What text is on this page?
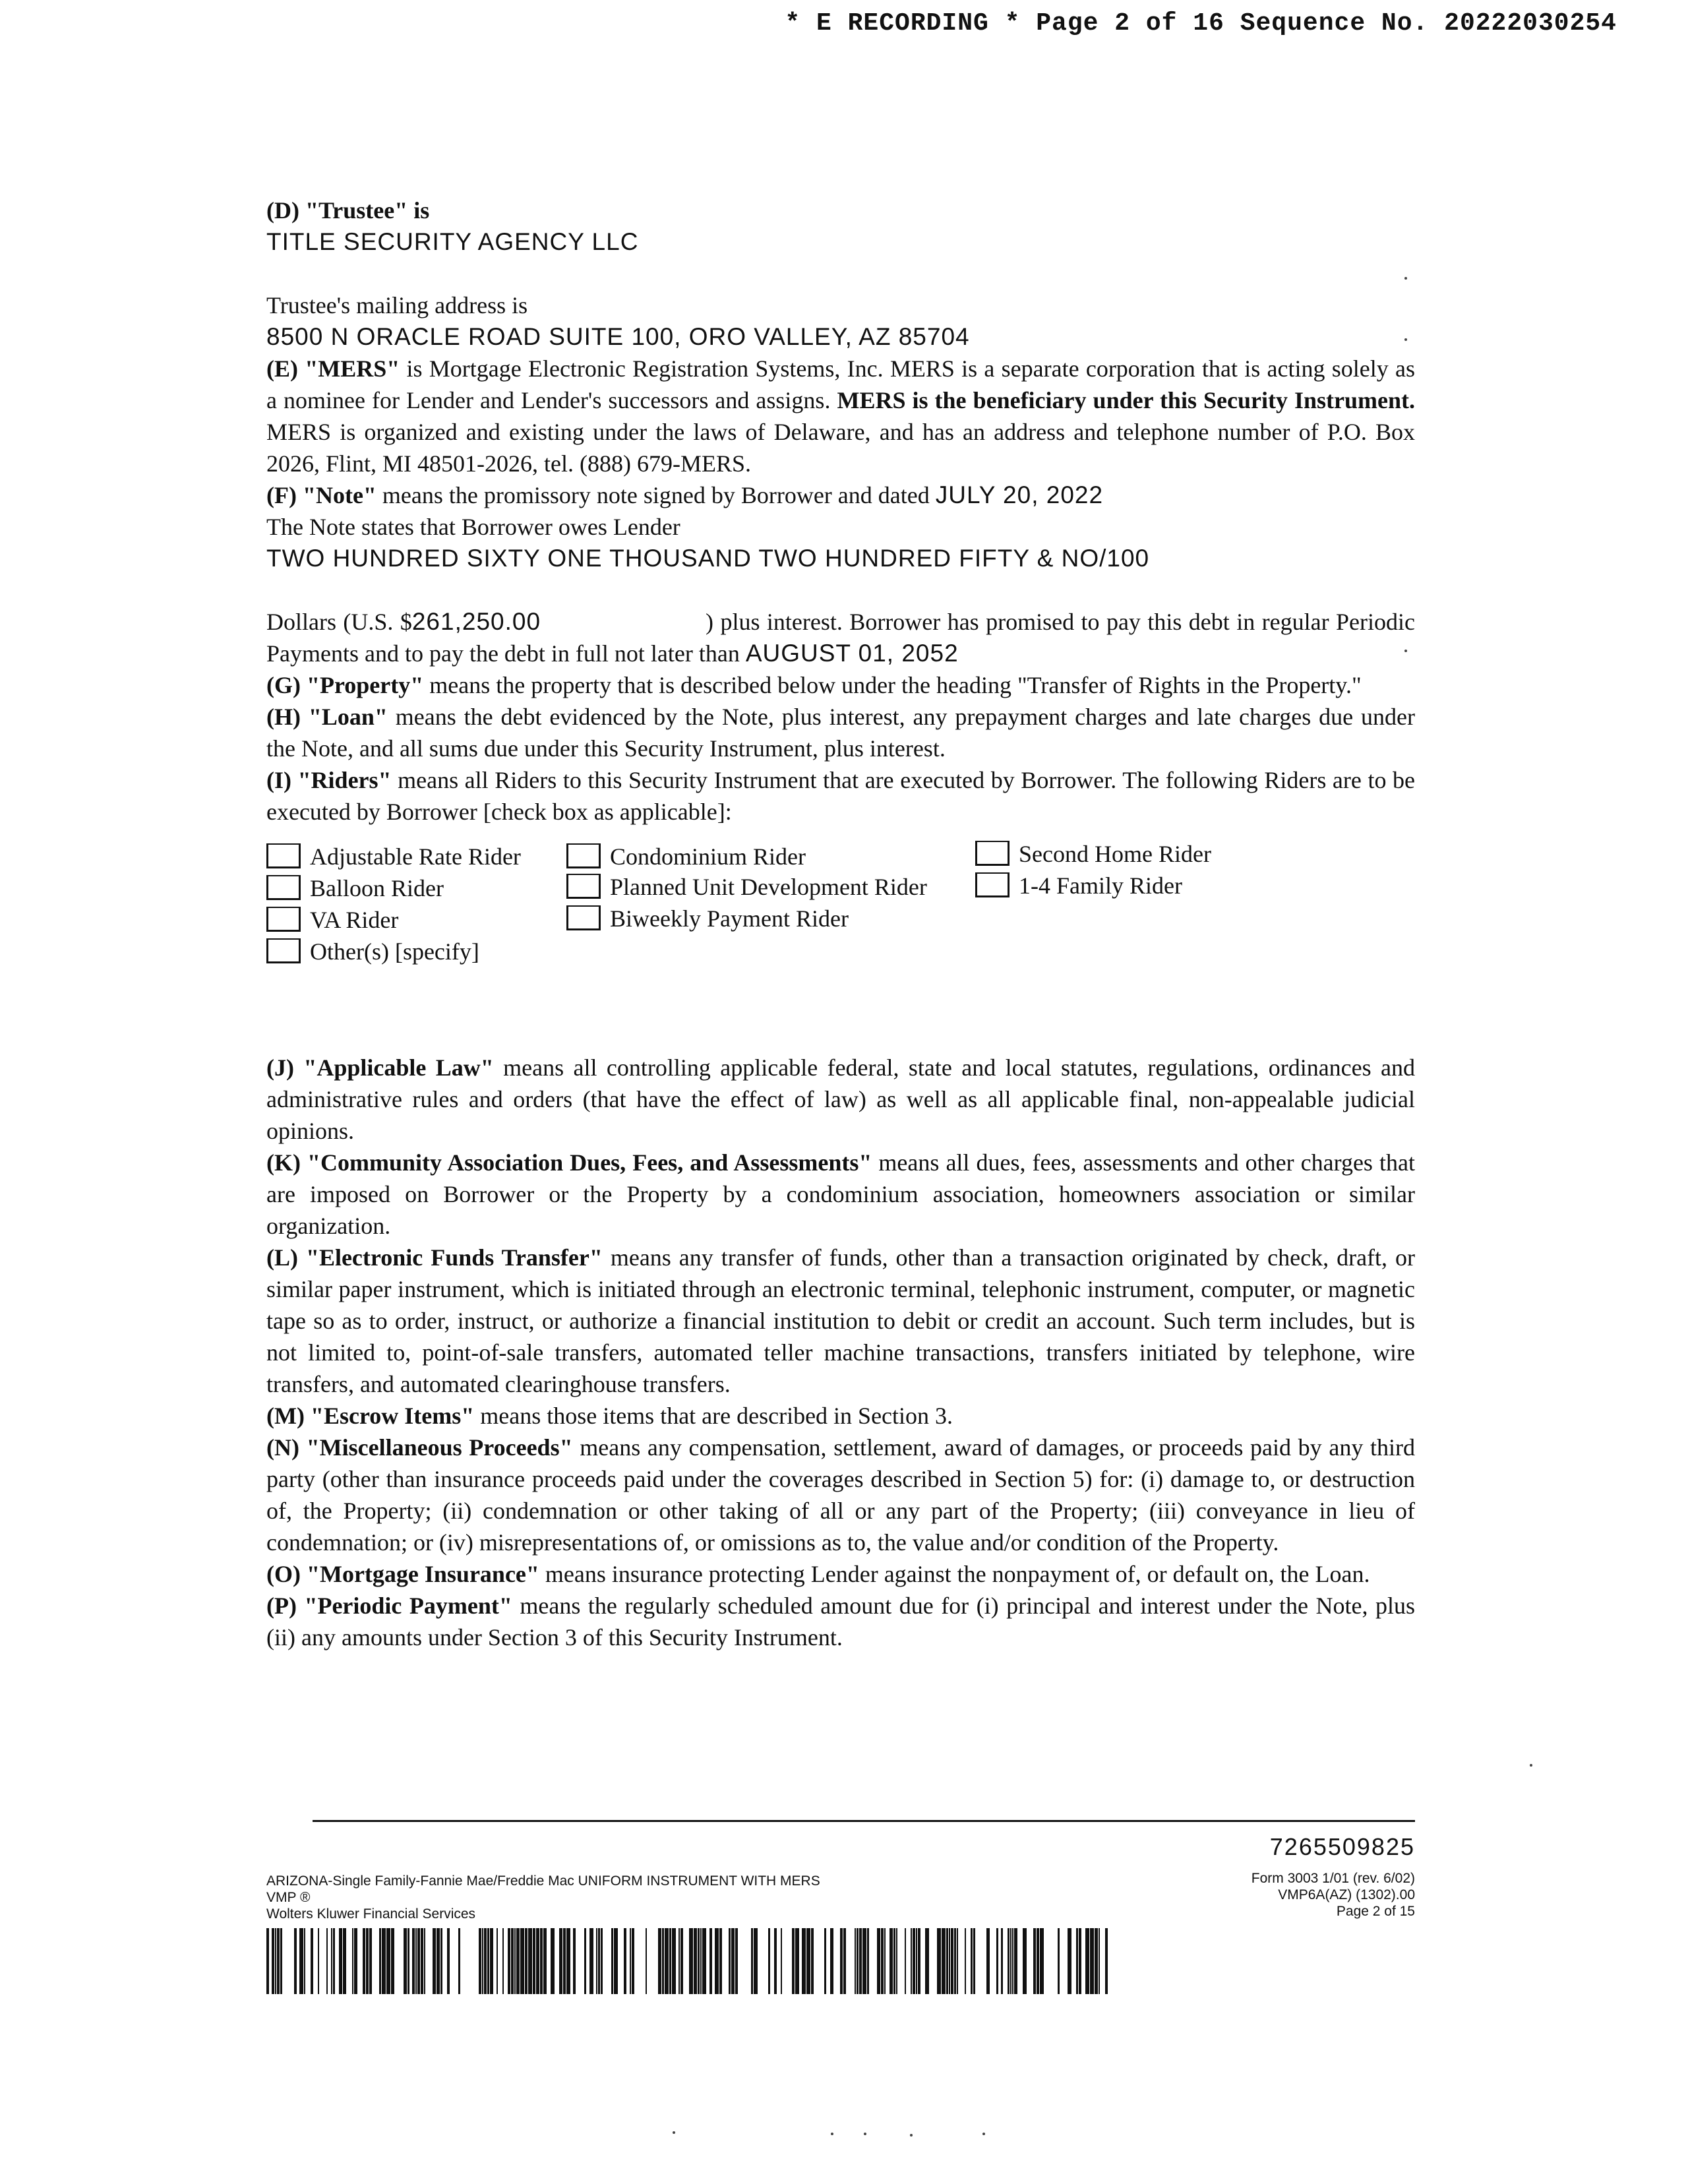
* E RECORDING * Page 2 of 16 Sequence No. 20222030254

(D) "Trustee" is

TITLE SECURITY AGENCY LLC

Trustee's mailing address is

8500 N ORACLE ROAD SUITE 100, ORO VALLEY, AZ 85704

(E) "MERS" is Mortgage Electronic Registration Systems, Inc. MERS is a separate corporation that is acting solely as a nominee for Lender and Lender's successors and assigns. MERS is the beneficiary under this Security Instrument. MERS is organized and existing under the laws of Delaware, and has an address and telephone number of P.O. Box 2026, Flint, MI 48501-2026, tel. (888) 679-MERS.

(F) "Note" means the promissory note signed by Borrower and dated JULY 20, 2022

The Note states that Borrower owes Lender

TWO HUNDRED SIXTY ONE THOUSAND TWO HUNDRED FIFTY & NO/100

Dollars (U.S. $261,250.00	) plus interest. Borrower has promised to pay this debt in regular Periodic Payments and to pay the debt in full not later than AUGUST 01, 2052

(G) "Property" means the property that is described below under the heading "Transfer of Rights in the Property."

(H) "Loan" means the debt evidenced by the Note, plus interest, any prepayment charges and late charges due under the Note, and all sums due under this Security Instrument, plus interest.

(I) "Riders" means all Riders to this Security Instrument that are executed by Borrower. The following Riders are to be executed by Borrower [check box as applicable]:

Adjustable Rate Rider	Condominium Rider	Second Home Rider
Balloon Rider	Planned Unit Development Rider	1-4 Family Rider
VA Rider	Biweekly Payment Rider
Other(s) [specify]

(J) "Applicable Law" means all controlling applicable federal, state and local statutes, regulations, ordinances and administrative rules and orders (that have the effect of law) as well as all applicable final, non-appealable judicial opinions.

(K) "Community Association Dues, Fees, and Assessments" means all dues, fees, assessments and other charges that are imposed on Borrower or the Property by a condominium association, homeowners association or similar organization.

(L) "Electronic Funds Transfer" means any transfer of funds, other than a transaction originated by check, draft, or similar paper instrument, which is initiated through an electronic terminal, telephonic instrument, computer, or magnetic tape so as to order, instruct, or authorize a financial institution to debit or credit an account. Such term includes, but is not limited to, point-of-sale transfers, automated teller machine transactions, transfers initiated by telephone, wire transfers, and automated clearinghouse transfers.

(M) "Escrow Items" means those items that are described in Section 3.

(N) "Miscellaneous Proceeds" means any compensation, settlement, award of damages, or proceeds paid by any third party (other than insurance proceeds paid under the coverages described in Section 5) for: (i) damage to, or destruction of, the Property; (ii) condemnation or other taking of all or any part of the Property; (iii) conveyance in lieu of condemnation; or (iv) misrepresentations of, or omissions as to, the value and/or condition of the Property.

(O) "Mortgage Insurance" means insurance protecting Lender against the nonpayment of, or default on, the Loan.

(P) "Periodic Payment" means the regularly scheduled amount due for (i) principal and interest under the Note, plus (ii) any amounts under Section 3 of this Security Instrument.

7265509825
ARIZONA-Single Family-Fannie Mae/Freddie Mac UNIFORM INSTRUMENT WITH MERS
VMP ®
Wolters Kluwer Financial Services
Form 3003 1/01 (rev. 6/02)
VMP6A(AZ) (1302).00
Page 2 of 15
